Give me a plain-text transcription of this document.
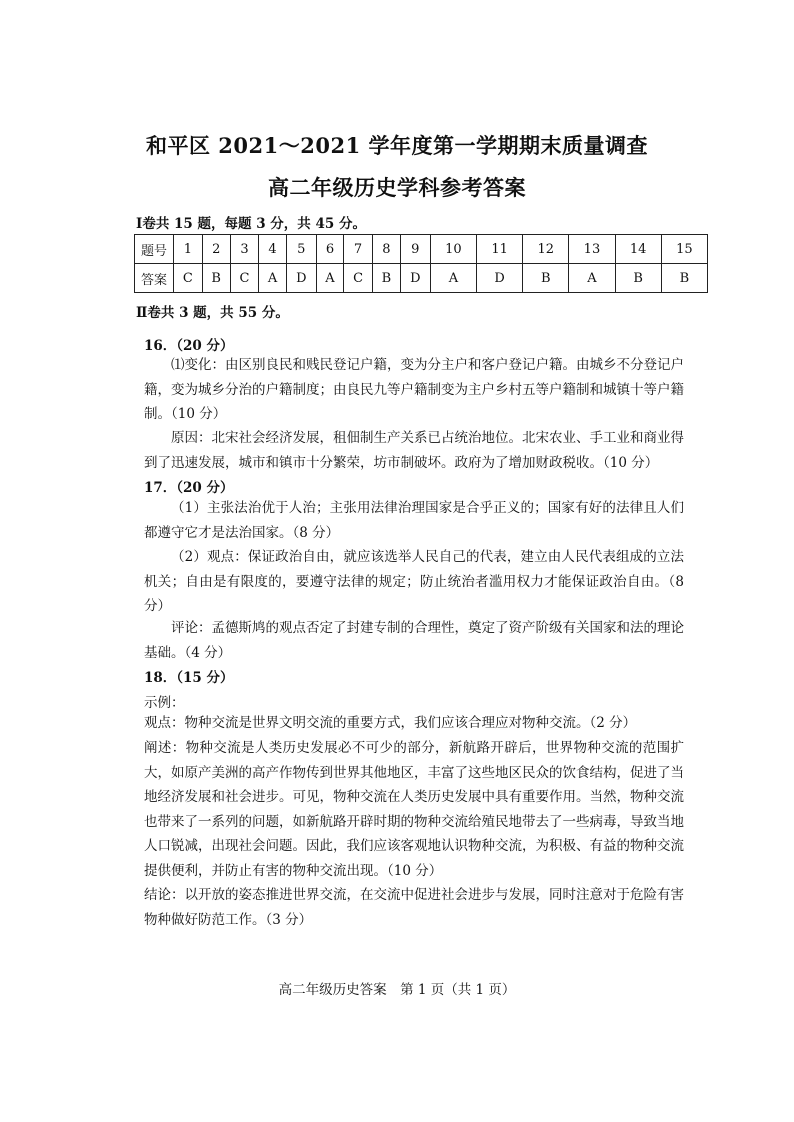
和平区 2021～2021 学年度第一学期期末质量调查
高二年级历史学科参考答案
Ⅰ卷共 15 题，每题 3 分，共 45 分。
题号	1	2	3	4	5	6	7	8	9	10	11	12	13	14	15
答案	C	B	C	A	D	A	C	B	D	A	D	B	A	B	B
Ⅱ卷共 3 题，共 55 分。
16．（20 分）
⑴变化：由区别良民和贱民登记户籍，变为分主户和客户登记户籍。由城乡不分登记户籍，变为城乡分治的户籍制度；由良民九等户籍制变为主户乡村五等户籍制和城镇十等户籍制。（10 分）
原因：北宋社会经济发展，租佃制生产关系已占统治地位。北宋农业、手工业和商业得到了迅速发展，城市和镇市十分繁荣，坊市制破坏。政府为了增加财政税收。（10 分）
17．（20 分）
（1）主张法治优于人治；主张用法律治理国家是合乎正义的；国家有好的法律且人们都遵守它才是法治国家。（8 分）
（2）观点：保证政治自由，就应该选举人民自己的代表，建立由人民代表组成的立法机关；自由是有限度的，要遵守法律的规定；防止统治者滥用权力才能保证政治自由。（8 分）
评论：孟德斯鸠的观点否定了封建专制的合理性，奠定了资产阶级有关国家和法的理论基础。（4 分）
18．（15 分）
示例：
观点：物种交流是世界文明交流的重要方式，我们应该合理应对物种交流。（2 分）
阐述：物种交流是人类历史发展必不可少的部分，新航路开辟后，世界物种交流的范围扩大，如原产美洲的高产作物传到世界其他地区，丰富了这些地区民众的饮食结构，促进了当地经济发展和社会进步。可见，物种交流在人类历史发展中具有重要作用。当然，物种交流也带来了一系列的问题，如新航路开辟时期的物种交流给殖民地带去了一些病毒，导致当地人口锐减，出现社会问题。因此，我们应该客观地认识物种交流，为积极、有益的物种交流提供便利，并防止有害的物种交流出现。（10 分）
结论：以开放的姿态推进世界交流，在交流中促进社会进步与发展，同时注意对于危险有害物种做好防范工作。（3 分）
高二年级历史答案　第 1 页（共 1 页）
